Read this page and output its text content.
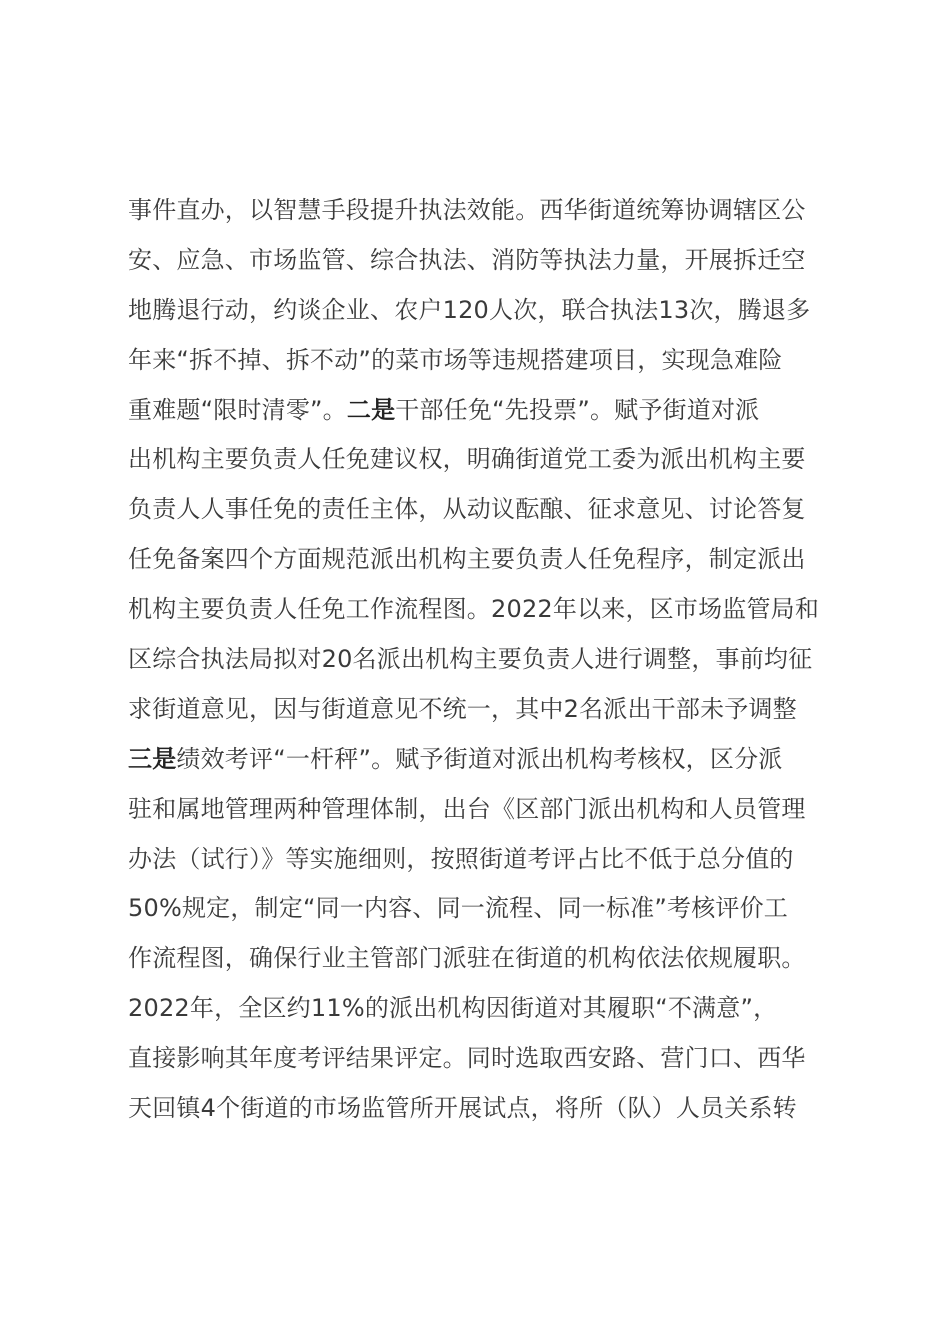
事件直办，以智慧手段提升执法效能。西华街道统筹协调辖区公
安、应急、市场监管、综合执法、消防等执法力量，开展拆迁空
地腾退行动，约谈企业、农户120人次，联合执法13次，腾退多
年来“拆不掉、拆不动”的菜市场等违规搭建项目，实现急难险
重难题“限时清零”。二是干部任免“先投票”。赋予街道对派
出机构主要负责人任免建议权，明确街道党工委为派出机构主要
负责人人事任免的责任主体，从动议酝酿、征求意见、讨论答复
任免备案四个方面规范派出机构主要负责人任免程序，制定派出
机构主要负责人任免工作流程图。2022年以来，区市场监管局和
区综合执法局拟对20名派出机构主要负责人进行调整，事前均征
求街道意见，因与街道意见不统一，其中2名派出干部未予调整
三是绩效考评“一杆秤”。赋予街道对派出机构考核权，区分派
驻和属地管理两种管理体制，出台《区部门派出机构和人员管理
办法（试行）》等实施细则，按照街道考评占比不低于总分值的
50%规定，制定“同一内容、同一流程、同一标准”考核评价工
作流程图，确保行业主管部门派驻在街道的机构依法依规履职。
2022年，全区约11%的派出机构因街道对其履职“不满意”，
直接影响其年度考评结果评定。同时选取西安路、营门口、西华
天回镇4个街道的市场监管所开展试点，将所（队）人员关系转
